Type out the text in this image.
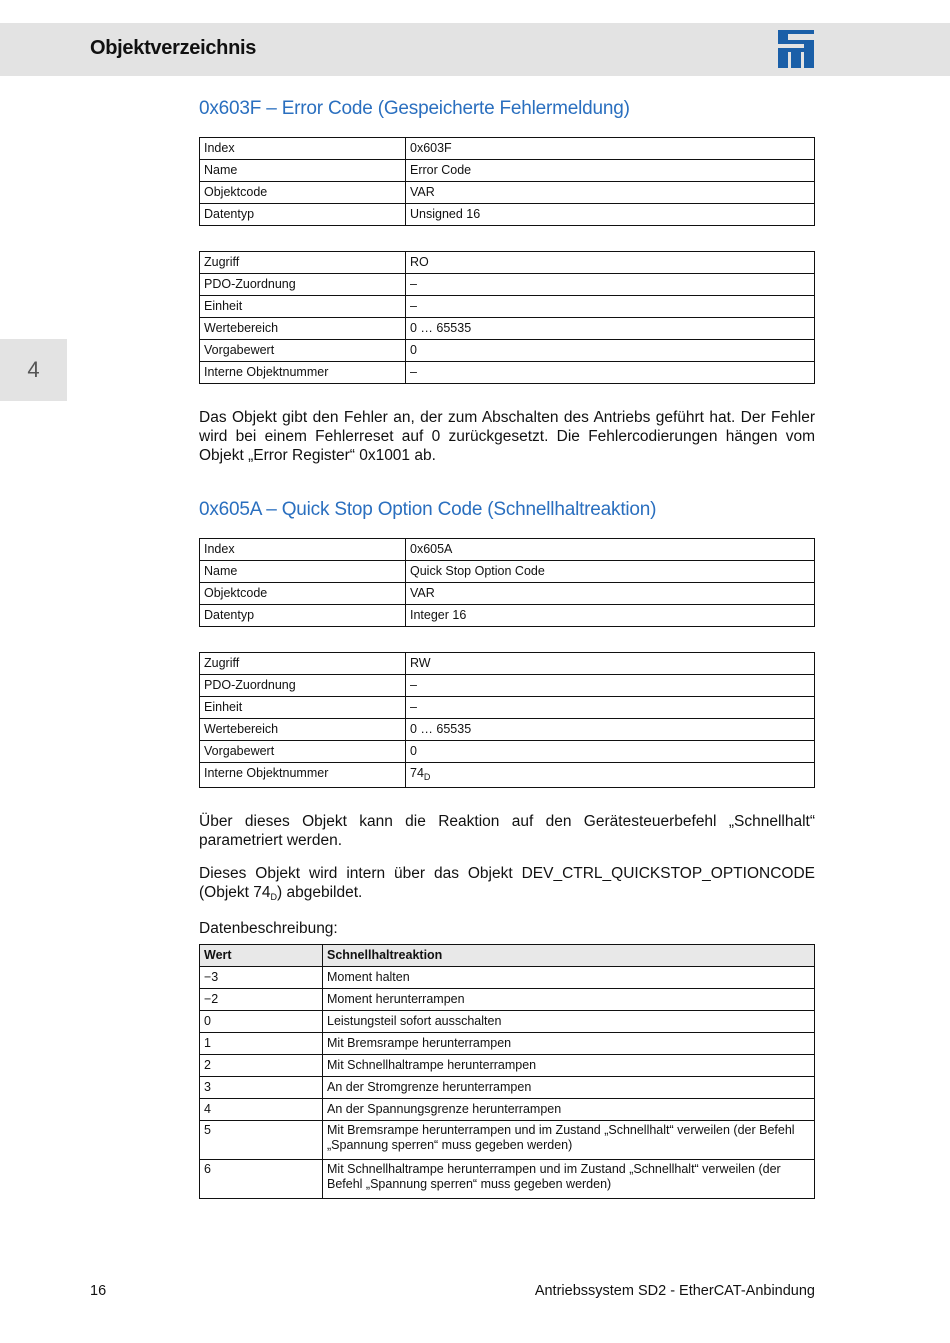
Objektverzeichnis
4
0x603F – Error Code (Gespeicherte Fehlermeldung)
Index	0x603F
Name	Error Code
Objektcode	VAR
Datentyp	Unsigned 16
Zugriff	RO
PDO-Zuordnung	–
Einheit	–
Wertebereich	0 … 65535
Vorgabewert	0
Interne Objektnummer	–

Das Objekt gibt den Fehler an, der zum Abschalten des Antriebs geführt hat. Der Fehler wird bei einem Fehlerreset auf 0 zurückgesetzt. Die Fehlercodierungen hängen vom Objekt „Error Register“ 0x1001 ab.

0x605A – Quick Stop Option Code (Schnellhaltreaktion)
Index	0x605A
Name	Quick Stop Option Code
Objektcode	VAR
Datentyp	Integer 16
Zugriff	RW
PDO-Zuordnung	–
Einheit	–
Wertebereich	0 … 65535
Vorgabewert	0
Interne Objektnummer	$74_D$

Über dieses Objekt kann die Reaktion auf den Gerätesteuerbefehl „Schnellhalt“ parametriert werden.

Dieses Objekt wird intern über das Objekt DEV_CTRL_QUICKSTOP_OPTIONCODE (Objekt $74_D$) abgebildet.

Datenbeschreibung:

Wert	Schnellhaltreaktion
−3	Moment halten
−2	Moment herunterrampen
0	Leistungsteil sofort ausschalten
1	Mit Bremsrampe herunterrampen
2	Mit Schnellhaltrampe herunterrampen
3	An der Stromgrenze herunterrampen
4	An der Spannungsgrenze herunterrampen
5	Mit Bremsrampe herunterrampen und im Zustand „Schnellhalt“ verweilen (der Befehl „Spannung sperren“ muss gegeben werden)
6	Mit Schnellhaltrampe herunterrampen und im Zustand „Schnellhalt“ verweilen (der Befehl „Spannung sperren“ muss gegeben werden)
16	Antriebssystem SD2 - EtherCAT-Anbindung
